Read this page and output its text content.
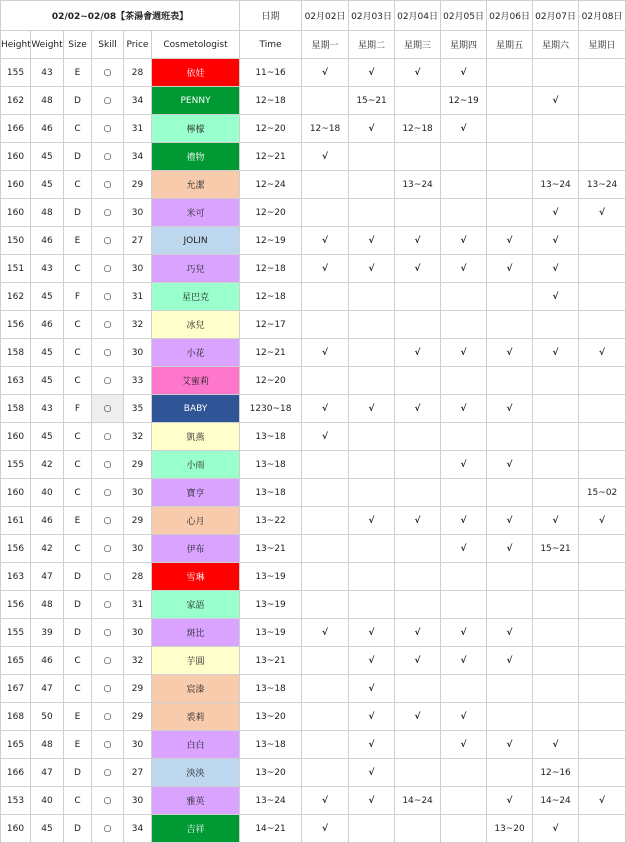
02/02~02/08【茶湯會週班表】						日期	02月02日	02月03日	02月04日	02月05日	02月06日	02月07日	02月08日
Height	Weight	Size	Skill	Price	Cosmetologist	Time	星期一	星期二	星期三	星期四	星期五	星期六	星期日
155	43	E	○	28	依娃	11~16	√	√	√	√			
162	48	D	○	34	PENNY	12~18		15~21		12~19		√	
166	46	C	○	31	檸檬	12~20	12~18	√	12~18	√			
160	45	D	○	34	禮物	12~21	√						
160	45	C	○	29	允潔	12~24			13~24			13~24	13~24
160	48	D	○	30	米可	12~20						√	√
150	46	E	○	27	JOLIN	12~19	√	√	√	√	√	√	
151	43	C	○	30	巧兒	12~18	√	√	√	√	√	√	
162	45	F	○	31	星巴克	12~18						√	
156	46	C	○	32	冰兒	12~17							
158	45	C	○	30	小花	12~21	√		√	√	√	√	√
163	45	C	○	33	艾蜜莉	12~20							
158	43	F	○	35	BABY	1230~18	√	√	√	√	√		
160	45	C	○	32	凱燕	13~18	√						
155	42	C	○	29	小雨	13~18				√	√		
160	40	C	○	30	寶亨	13~18							15~02
161	46	E	○	29	心月	13~22		√	√	√	√	√	√
156	42	C	○	30	伊布	13~21				√	√	15~21	
163	47	D	○	28	雪琳	13~19							
156	48	D	○	31	家語	13~19							
155	39	D	○	30	斑比	13~19	√	√	√	√	√		
165	46	C	○	32	芋圓	13~21		√	√	√	√		
167	47	C	○	29	宸溱	13~18		√					
168	50	E	○	29	裘莉	13~20		√	√	√			
165	48	E	○	30	白白	13~18		√		√	√	√	
166	47	D	○	27	泱泱	13~20		√				12~16	
153	40	C	○	30	雅英	13~24	√	√	14~24		√	14~24	√
160	45	D	○	34	吉祥	14~21	√				13~20	√	
